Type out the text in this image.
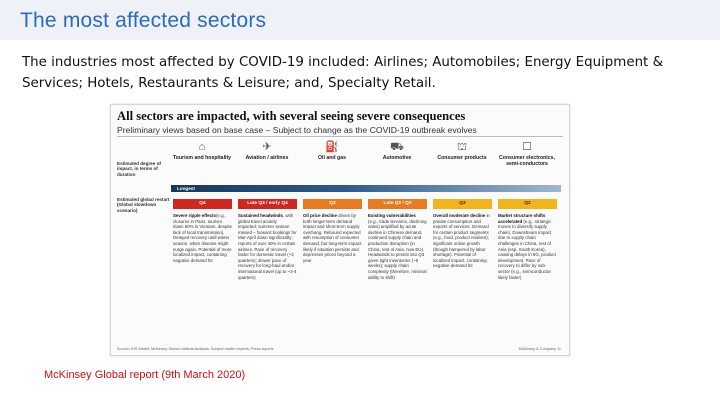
The most affected sectors
The industries most affected by COVID-19 included: Airlines; Automobiles; Energy Equipment & Services; Hotels, Restaurants & Leisure; and, Specialty Retail.
All sectors are impacted, with several seeing severe consequences
Preliminary views based on base case – Subject to change as the COVID-19 outbreak evolves
Estimated degree of impact, in terms of duration
Estimated global restart (Global slowdown scenario)
Longest
⌂
Tourism and hospitality
Q4
Severe ripple effects(e.g., closures in Paris, tourism down 50% in Vietnam, despite lack of local transmission). Delayed recovery until winter season, when disease might surge again. Potential of more localized impact, containing negative demand hit
✈
Aviation / airlines
Late Q3 / early Q4
Sustained headwinds, with global travel acutely impacted; summer season missed – forward bookings for Mar-April down significantly; reports of over 40% in certain airlines. Pace of recovery faster for domestic travel (~2 quarters); slower pace of recovery for long-haul and/or international travel (up to ~3-4 quarters)
⛽
Oil and gas
Q3
Oil price decline driven by both longer-term demand impact and short-term supply overhang. Rebound expected with resumption of consumer demand, but long-term impact likely if situation persists and depresses prices beyond a year
⛟
Automotive
Late Q2 / Q3
Existing vulnerabilities (e.g., trade tensions, declining sales) amplified by acute decline in Chinese demand, continued supply chain and production disruption (in China, rest of Asia, now EU). Headwinds to persist into Q3 given tight inventories (~6 weeks); supply chain complexity (therefore, minimal ability to shift)
⛫
Consumer products
Q3
Overall moderate decline in private consumption and exports of services. Demand for certain product segments (e.g., food, product resilient); significant online growth (though hampered by labor shortage). Potential of localized impact, containing negative demand hit
☐
Consumer electronics, semi-conductors
Q2
Market structure shifts accelerated (e.g., strategic moves to diversify supply chain). Downstream impact due to supply chain challenges in China, rest of Asia (esp. South Korea), causing delays in 5G, product development. Pace of recovery to differ by sub-sector (e.g., semiconductor likely faster)
Source: IHS Markit; McKinsey Global Institute Analysis; Subject matter experts; Press reports	McKinsey & Company 11
McKinsey Global report (9th March 2020)
